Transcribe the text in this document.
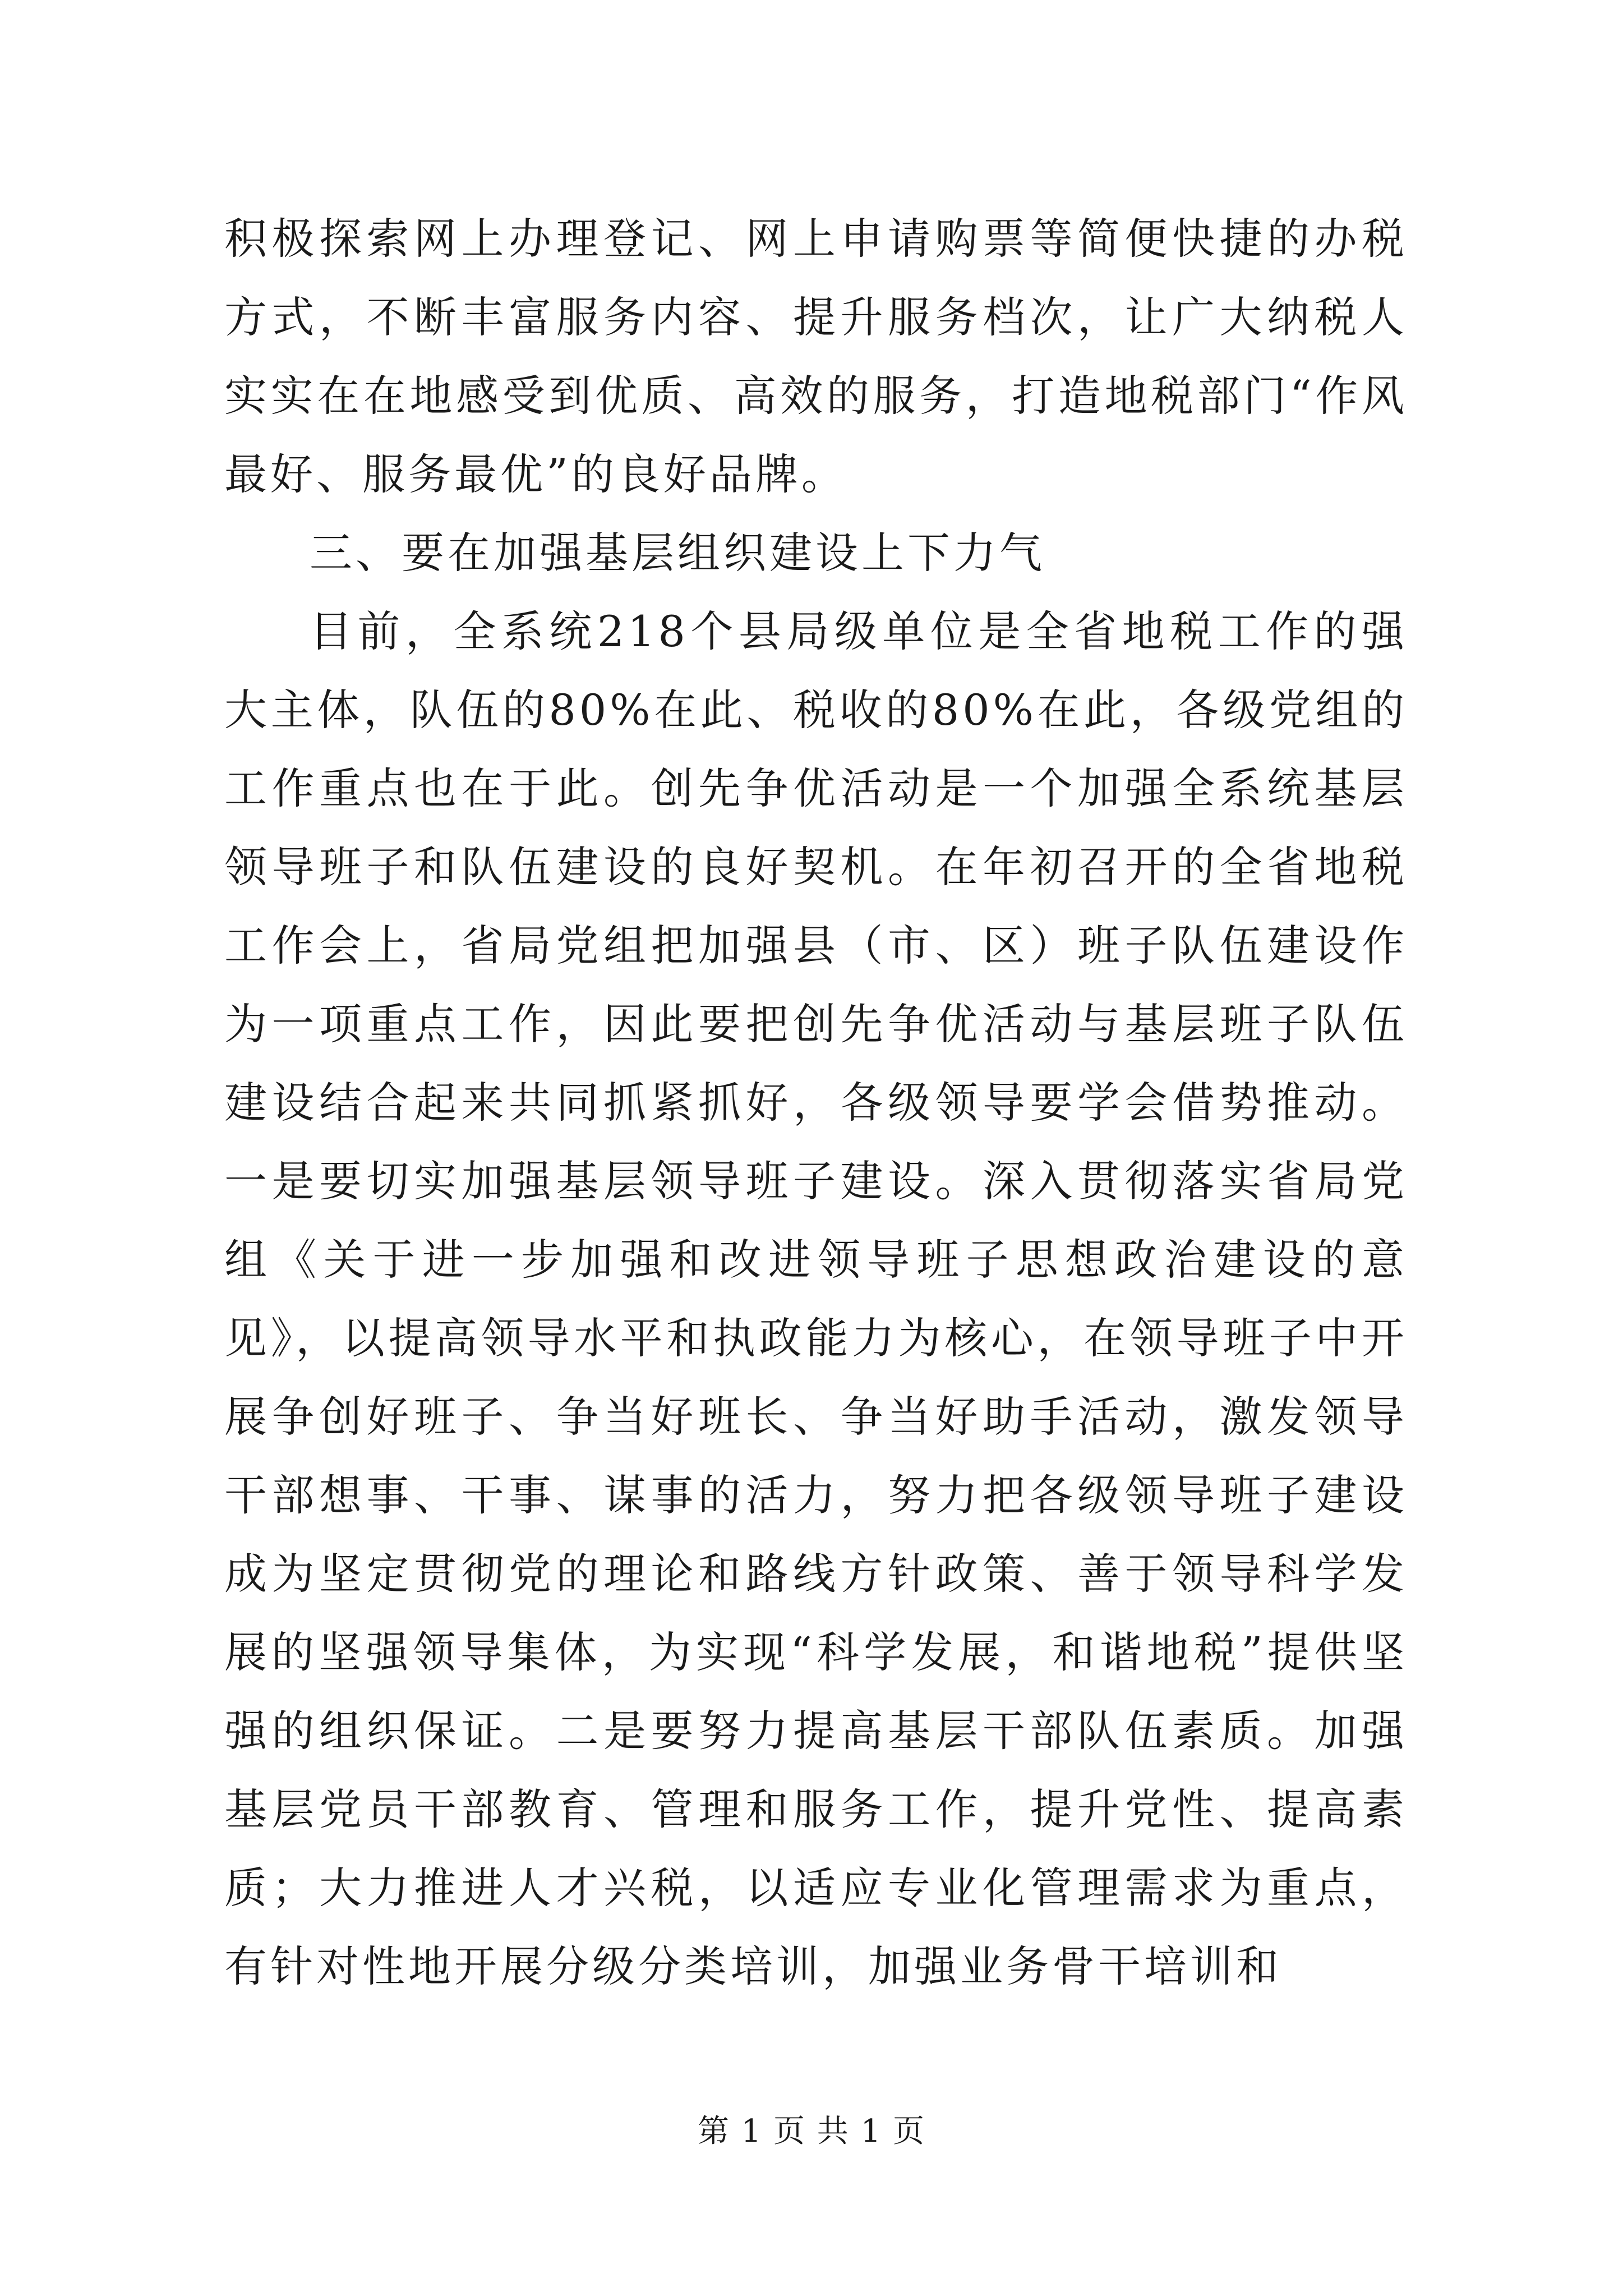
积极探索网上办理登记、网上申请购票等简便快捷的办税方式，不断丰富服务内容、提升服务档次，让广大纳税人实实在在地感受到优质、高效的服务，打造地税部门“作风最好、服务最优”的良好品牌。

三、要在加强基层组织建设上下力气

目前，全系统218个县局级单位是全省地税工作的强大主体，队伍的80%在此、税收的80%在此，各级党组的工作重点也在于此。创先争优活动是一个加强全系统基层领导班子和队伍建设的良好契机。在年初召开的全省地税工作会上，省局党组把加强县（市、区）班子队伍建设作为一项重点工作，因此要把创先争优活动与基层班子队伍建设结合起来共同抓紧抓好，各级领导要学会借势推动。一是要切实加强基层领导班子建设。深入贯彻落实省局党组《关于进一步加强和改进领导班子思想政治建设的意见》，以提高领导水平和执政能力为核心，在领导班子中开展争创好班子、争当好班长、争当好助手活动，激发领导干部想事、干事、谋事的活力，努力把各级领导班子建设成为坚定贯彻党的理论和路线方针政策、善于领导科学发展的坚强领导集体，为实现“科学发展，和谐地税”提供坚强的组织保证。二是要努力提高基层干部队伍素质。加强基层党员干部教育、管理和服务工作，提升党性、提高素质；大力推进人才兴税，以适应专业化管理需求为重点，有针对性地开展分级分类培训，加强业务骨干培训和

第 1 页 共 1 页
